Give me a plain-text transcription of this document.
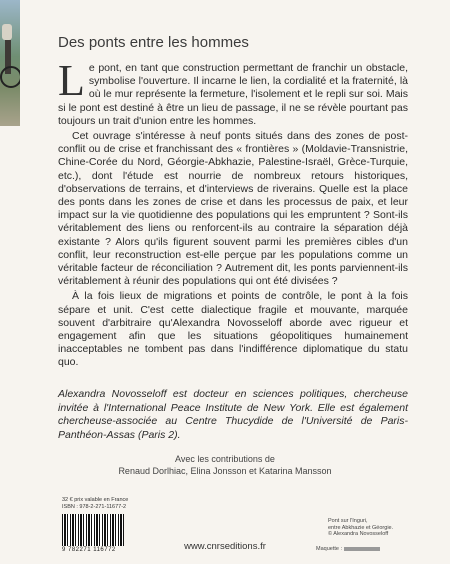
Des ponts entre les hommes

Le pont, en tant que construction permettant de franchir un obstacle, symbolise l'ouverture. Il incarne le lien, la cordialité et la fraternité, là où le mur représente la fermeture, l'isolement et le repli sur soi. Mais si le pont est destiné à être un lieu de passage, il ne se révèle pourtant pas toujours un trait d'union entre les hommes.

Cet ouvrage s'intéresse à neuf ponts situés dans des zones de post-conflit ou de crise et franchissant des « frontières » (Moldavie-Transnistrie, Chine-Corée du Nord, Géorgie-Abkhazie, Palestine-Israël, Grèce-Turquie, etc.), dont l'étude est nourrie de nombreux retours historiques, d'observations de terrains, et d'interviews de riverains. Quelle est la place des ponts dans les zones de crise et dans les processus de paix, et leur impact sur la vie quotidienne des populations qui les empruntent ? Sont-ils véritablement des liens ou renforcent-ils au contraire la séparation déjà existante ? Alors qu'ils figurent souvent parmi les premières cibles d'un conflit, leur reconstruction est-elle perçue par les populations comme un véritable facteur de réconciliation ? Autrement dit, les ponts parviennent-ils véritablement à réunir des populations qui ont été divisées ?

À la fois lieux de migrations et points de contrôle, le pont à la fois sépare et unit. C'est cette dialectique fragile et mouvante, marquée souvent d'arbitraire qu'Alexandra Novosseloff aborde avec rigueur et engagement afin que les situations géopolitiques humainement inacceptables ne tombent pas dans l'indifférence diplomatique du statu quo.

Alexandra Novosseloff est docteur en sciences politiques, chercheuse invitée à l'International Peace Institute de New York. Elle est également chercheuse-associée au Centre Thucydide de l'Université de Paris-Panthéon-Assas (Paris 2).
Avec les contributions de
Renaud Dorlhiac, Elina Jonsson et Katarina Mansson
32 € prix valable en France
ISBN : 978-2-271-11677-2
9 782271 116772	www.cnrseditions.fr
Pont sur l'Inguri,
entre Abkhazie et Géorgie.
© Alexandra Novosseloff
Maquette :
